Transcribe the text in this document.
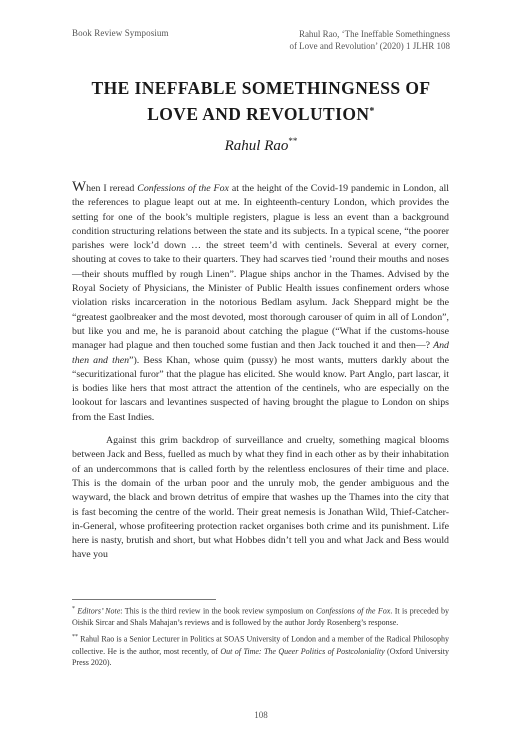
Book Review Symposium	Rahul Rao, ‘The Ineffable Somethingness
of Love and Revolution’ (2020) 1 JLHR 108
THE INEFFABLE SOMETHINGNESS OF
LOVE AND REVOLUTION*
Rahul Rao**

When I reread Confessions of the Fox at the height of the Covid-19 pandemic in London, all the references to plague leapt out at me. In eighteenth-century London, which provides the setting for one of the book’s multiple registers, plague is less an event than a background condition structuring relations between the state and its subjects. In a typical scene, “the poorer parishes were lock’d down … the street teem’d with centinels. Several at every corner, shouting at coves to take to their quarters. They had scarves tied ’round their mouths and noses—their shouts muffled by rough Linen”. Plague ships anchor in the Thames. Advised by the Royal Society of Physicians, the Minister of Public Health issues confinement orders whose violation risks incarceration in the notorious Bedlam asylum. Jack Sheppard might be the “greatest gaolbreaker and the most devoted, most thorough carouser of quim in all of London”, but like you and me, he is paranoid about catching the plague (“What if the customs-house manager had plague and then touched some fustian and then Jack touched it and then—? And then and then”). Bess Khan, whose quim (pussy) he most wants, mutters darkly about the “securitizational furor” that the plague has elicited. She would know. Part Anglo, part lascar, it is bodies like hers that most attract the attention of the centinels, who are especially on the lookout for lascars and levantines suspected of having brought the plague to London on ships from the East Indies.

Against this grim backdrop of surveillance and cruelty, something magical blooms between Jack and Bess, fuelled as much by what they find in each other as by their inhabitation of an undercommons that is called forth by the relentless enclosures of their time and place. This is the domain of the urban poor and the unruly mob, the gender ambiguous and the wayward, the black and brown detritus of empire that washes up the Thames into the city that is fast becoming the centre of the world. Their great nemesis is Jonathan Wild, Thief-Catcher-in-General, whose profiteering protection racket organises both crime and its punishment. Life here is nasty, brutish and short, but what Hobbes didn’t tell you and what Jack and Bess would have you

* Editors’ Note: This is the third review in the book review symposium on Confessions of the Fox. It is preceded by Oishik Sircar and Shals Mahajan’s reviews and is followed by the author Jordy Rosenberg’s response.

** Rahul Rao is a Senior Lecturer in Politics at SOAS University of London and a member of the Radical Philosophy collective. He is the author, most recently, of Out of Time: The Queer Politics of Postcoloniality (Oxford University Press 2020).

108
